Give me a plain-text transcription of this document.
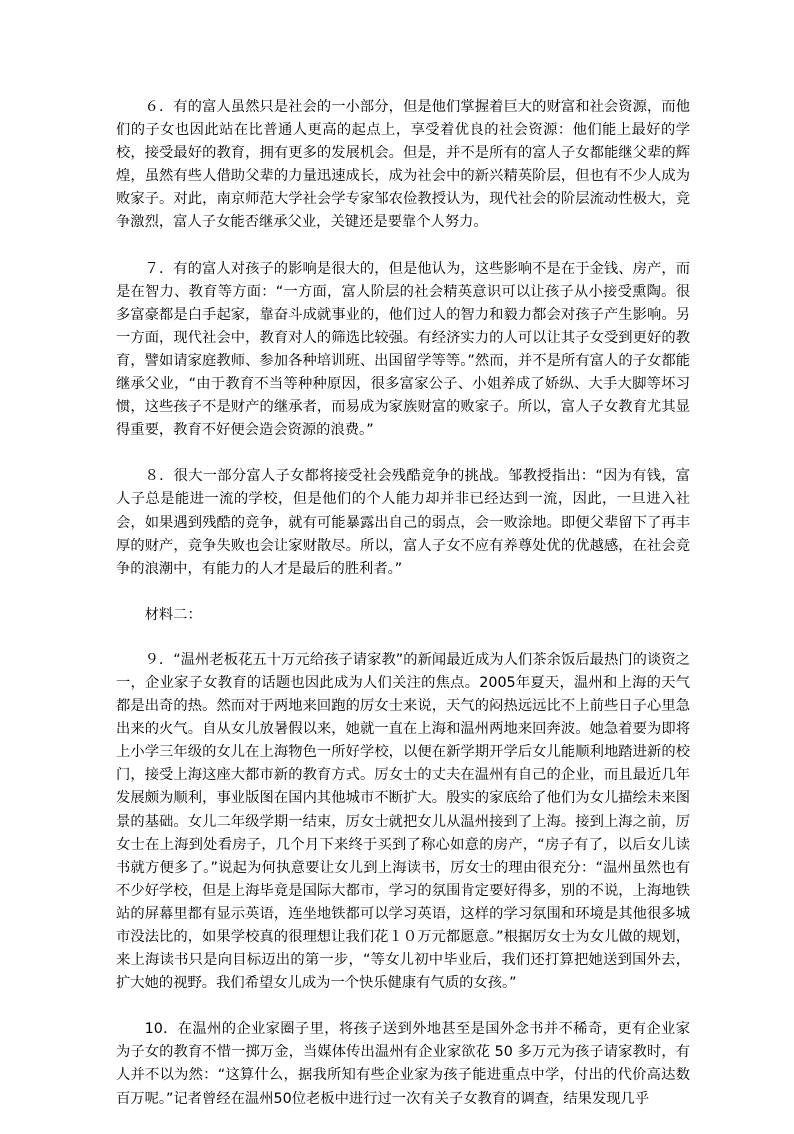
６．有的富人虽然只是社会的一小部分，但是他们掌握着巨大的财富和社会资源，而他们的子女也因此站在比普通人更高的起点上，享受着优良的社会资源：他们能上最好的学校，接受最好的教育，拥有更多的发展机会。但是，并不是所有的富人子女都能继父辈的辉煌，虽然有些人借助父辈的力量迅速成长，成为社会中的新兴精英阶层，但也有不少人成为败家子。对此，南京师范大学社会学专家邹农俭教授认为，现代社会的阶层流动性极大，竞争激烈，富人子女能否继承父业，关键还是要靠个人努力。

７．有的富人对孩子的影响是很大的，但是他认为，这些影响不是在于金钱、房产，而是在智力、教育等方面：“一方面，富人阶层的社会精英意识可以让孩子从小接受熏陶。很多富豪都是白手起家，靠奋斗成就事业的，他们过人的智力和毅力都会对孩子产生影响。另一方面，现代社会中，教育对人的筛选比较强。有经济实力的人可以让其子女受到更好的教育，譬如请家庭教师、参加各种培训班、出国留学等等。”然而，并不是所有富人的子女都能继承父业，“由于教育不当等种种原因，很多富家公子、小姐养成了娇纵、大手大脚等坏习惯，这些孩子不是财产的继承者，而易成为家族财富的败家子。所以，富人子女教育尤其显得重要，教育不好便会造会资源的浪费。”

８．很大一部分富人子女都将接受社会残酷竞争的挑战。邹教授指出：“因为有钱，富人子总是能进一流的学校，但是他们的个人能力却并非已经达到一流，因此，一旦进入社会，如果遇到残酷的竞争，就有可能暴露出自己的弱点，会一败涂地。即便父辈留下了再丰厚的财产，竞争失败也会让家财散尽。所以，富人子女不应有养尊处优的优越感，在社会竞争的浪潮中，有能力的人才是最后的胜利者。”

材料二：

９．“温州老板花五十万元给孩子请家教”的新闻最近成为人们茶余饭后最热门的谈资之一，企业家子女教育的话题也因此成为人们关注的焦点。2005年夏天，温州和上海的天气都是出奇的热。然而对于两地来回跑的厉女士来说，天气的闷热远远比不上前些日子心里急出来的火气。自从女儿放暑假以来，她就一直在上海和温州两地来回奔波。她急着要为即将上小学三年级的女儿在上海物色一所好学校，以便在新学期开学后女儿能顺利地踏进新的校门，接受上海这座大都市新的教育方式。厉女士的丈夫在温州有自己的企业，而且最近几年发展颇为顺利，事业版图在国内其他城市不断扩大。殷实的家底给了他们为女儿描绘未来图景的基础。女儿二年级学期一结束，厉女士就把女儿从温州接到了上海。接到上海之前，厉女士在上海到处看房子，几个月下来终于买到了称心如意的房产，“房子有了，以后女儿读书就方便多了。”说起为何执意要让女儿到上海读书，厉女士的理由很充分：“温州虽然也有不少好学校，但是上海毕竟是国际大都市，学习的氛围肯定要好得多，别的不说，上海地铁站的屏幕里都有显示英语，连坐地铁都可以学习英语，这样的学习氛围和环境是其他很多城市没法比的，如果学校真的很理想让我们花１０万元都愿意。”根据厉女士为女儿做的规划，来上海读书只是向目标迈出的第一步，“等女儿初中毕业后，我们还打算把她送到国外去，扩大她的视野。我们希望女儿成为一个快乐健康有气质的女孩。”

10．在温州的企业家圈子里，将孩子送到外地甚至是国外念书并不稀奇，更有企业家为子女的教育不惜一掷万金，当媒体传出温州有企业家欲花 50 多万元为孩子请家教时，有人并不以为然：“这算什么，据我所知有些企业家为孩子能进重点中学，付出的代价高达数百万呢。”记者曾经在温州50位老板中进行过一次有关子女教育的调查，结果发现几乎
